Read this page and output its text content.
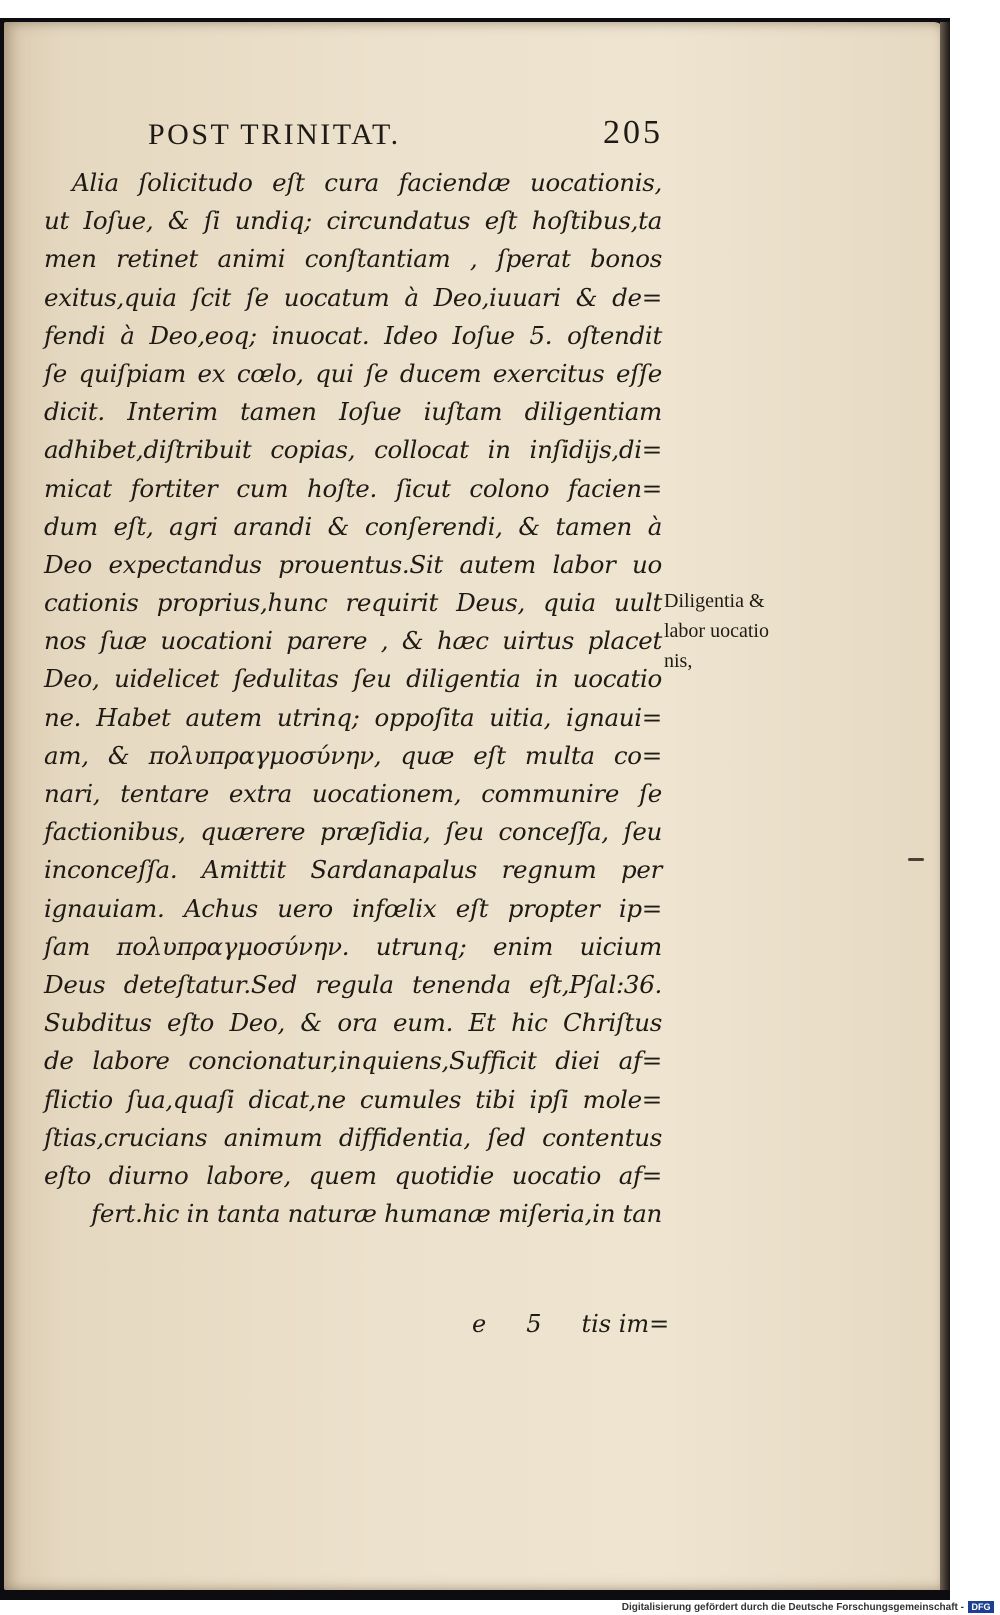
POST TRINITAT.	205
Alia ſolicitudo eſt cura faciendæ uocationis,
ut Ioſue, & ſi undiq; circundatus eſt hoſtibus,ta
men retinet animi conſtantiam , ſperat bonos
exitus,quia ſcit ſe uocatum à Deo,iuuari & de=
fendi à Deo,eoq; inuocat. Ideo Ioſue 5. oſtendit
ſe quiſpiam ex cœlo, qui ſe ducem exercitus eſſe
dicit. Interim tamen Ioſue iuſtam diligentiam
adhibet,diſtribuit copias, collocat in inſidijs,di=
micat fortiter cum hoſte. ſicut colono facien=
dum eſt, agri arandi & conſerendi, & tamen à
Deo expectandus prouentus.Sit autem labor uo
cationis proprius,hunc requirit Deus, quia uult
nos ſuæ uocationi parere , & hæc uirtus placet
Deo, uidelicet ſedulitas ſeu diligentia in uocatio
ne. Habet autem utrinq; oppoſita uitia, ignaui=
am, & πολυπραγμοσύνην, quæ eſt multa co=
nari, tentare extra uocationem, communire ſe
factionibus, quærere præſidia, ſeu conceſſa, ſeu
inconceſſa. Amittit Sardanapalus regnum per
ignauiam. Achus uero infœlix eſt propter ip=
ſam πολυπραγμοσύνην. utrunq; enim uicium
Deus deteſtatur.Sed regula tenenda eſt,Pſal:36.
Subditus eſto Deo, & ora eum. Et hic Chriſtus
de labore concionatur,inquiens,Sufficit diei af=
flictio ſua,quaſi dicat,ne cumules tibi ipſi mole=
ſtias,crucians animum diffidentia, ſed contentus
eſto diurno labore, quem quotidie uocatio af=
fert.hic in tanta naturæ humanæ miſeria,in tan
Diligentia &
labor uocatio
nis,
e 5 tis im=
Digitalisierung gefördert durch die Deutsche Forschungsgemeinschaft - DFG
